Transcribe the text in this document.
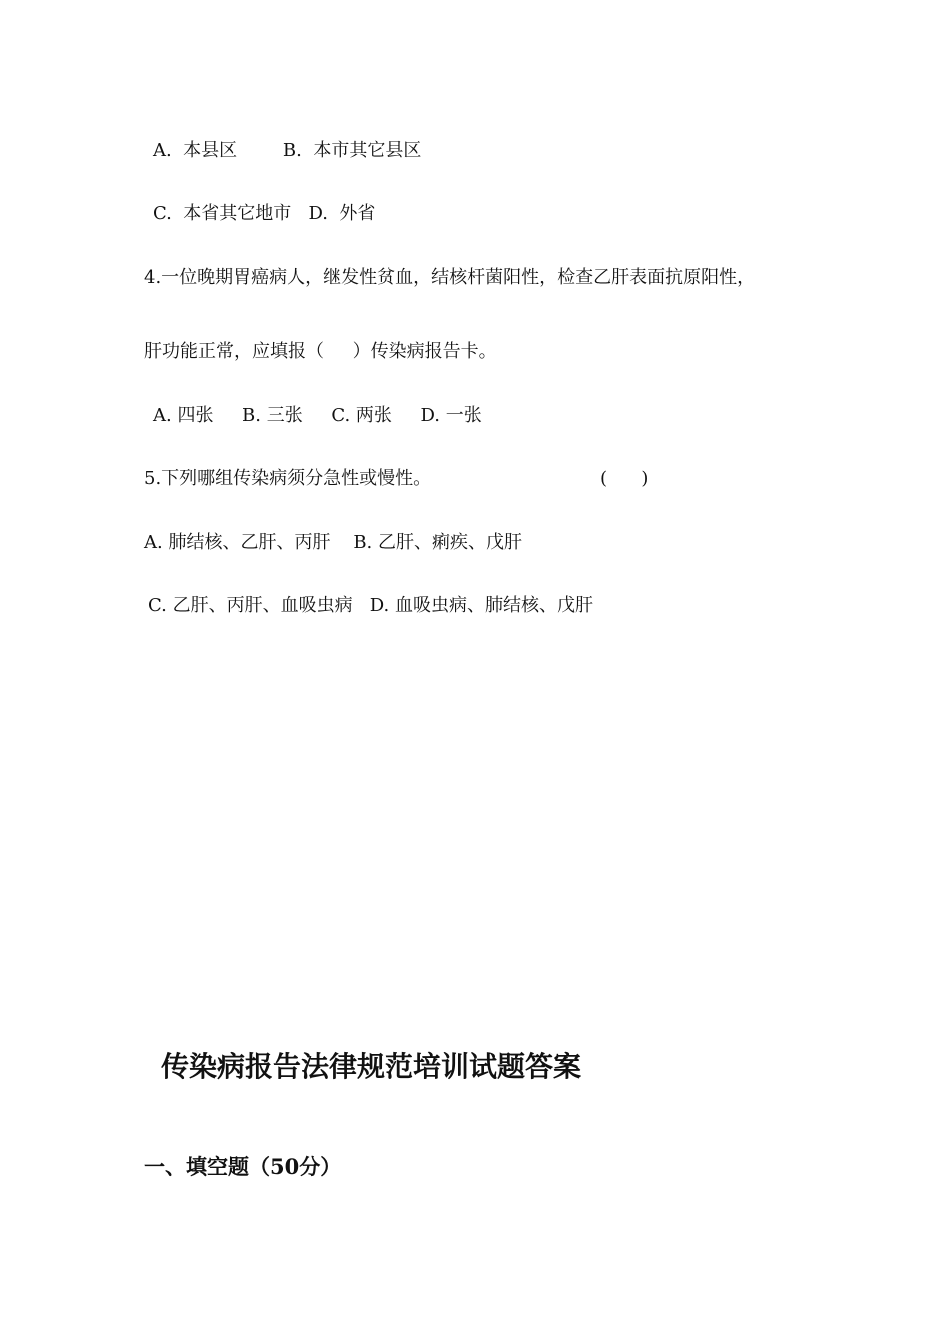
A.  本县区        B.  本市其它县区
C.  本省其它地市   D.  外省
4.一位晚期胃癌病人，继发性贫血，结核杆菌阳性，检查乙肝表面抗原阳性，
肝功能正常，应填报（     ）传染病报告卡。
A. 四张     B. 三张     C. 两张     D. 一张
5.下列哪组传染病须分急性或慢性。	(      )
A. 肺结核、乙肝、丙肝    B. 乙肝、痢疾、戊肝
C. 乙肝、丙肝、血吸虫病   D. 血吸虫病、肺结核、戊肝
传染病报告法律规范培训试题答案
一、填空题（50分）
